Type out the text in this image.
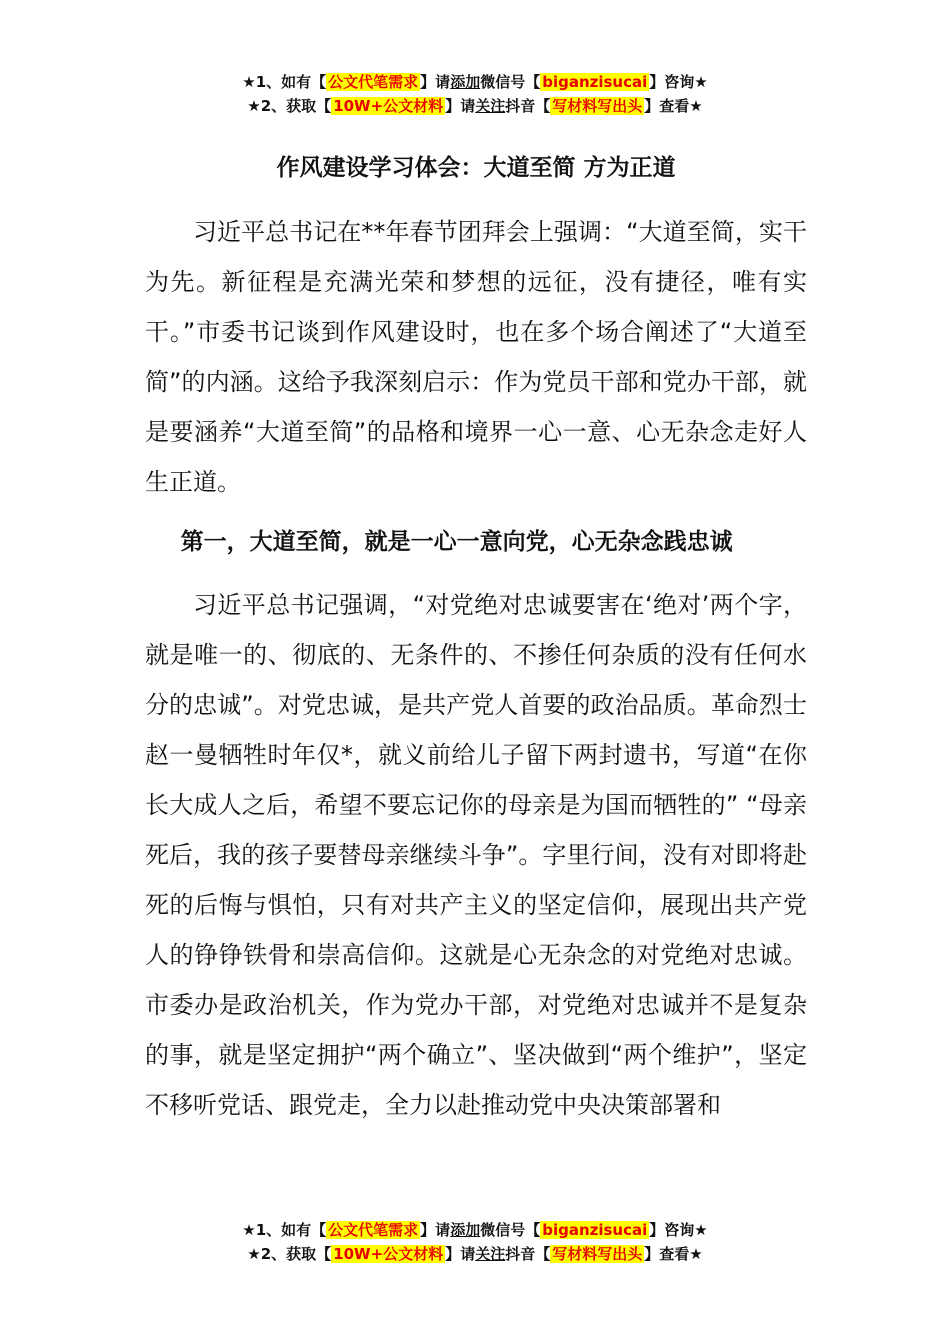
★1、如有【 公文代笔需求 】请添加微信号【 biganzisucai 】咨询★
★2、获取【 10W+公文材料 】请关注抖音【 写材料写出头 】查看★
作风建设学习体会：大道至简 方为正道

习近平总书记在**年春节团拜会上强调：“大道至简，实干为先。新征程是充满光荣和梦想的远征，没有捷径，唯有实干。”市委书记谈到作风建设时，也在多个场合阐述了“大道至简”的内涵。这给予我深刻启示：作为党员干部和党办干部，就是要涵养“大道至简”的品格和境界一心一意、心无杂念走好人生正道。

第一，大道至简，就是一心一意向党，心无杂念践忠诚

习近平总书记强调，“对党绝对忠诚要害在‘绝对’两个字，就是唯一的、彻底的、无条件的、不掺任何杂质的没有任何水分的忠诚”。对党忠诚，是共产党人首要的政治品质。革命烈士赵一曼牺牲时年仅*，就义前给儿子留下两封遗书，写道“在你长大成人之后，希望不要忘记你的母亲是为国而牺牲的” “母亲死后，我的孩子要替母亲继续斗争”。字里行间，没有对即将赴死的后悔与惧怕，只有对共产主义的坚定信仰，展现出共产党人的铮铮铁骨和崇高信仰。这就是心无杂念的对党绝对忠诚。市委办是政治机关，作为党办干部，对党绝对忠诚并不是复杂的事，就是坚定拥护“两个确立”、坚决做到“两个维护”，坚定不移听党话、跟党走，全力以赴推动党中央决策部署和

★1、如有【 公文代笔需求 】请添加微信号【 biganzisucai 】咨询★
★2、获取【 10W+公文材料 】请关注抖音【 写材料写出头 】查看★
